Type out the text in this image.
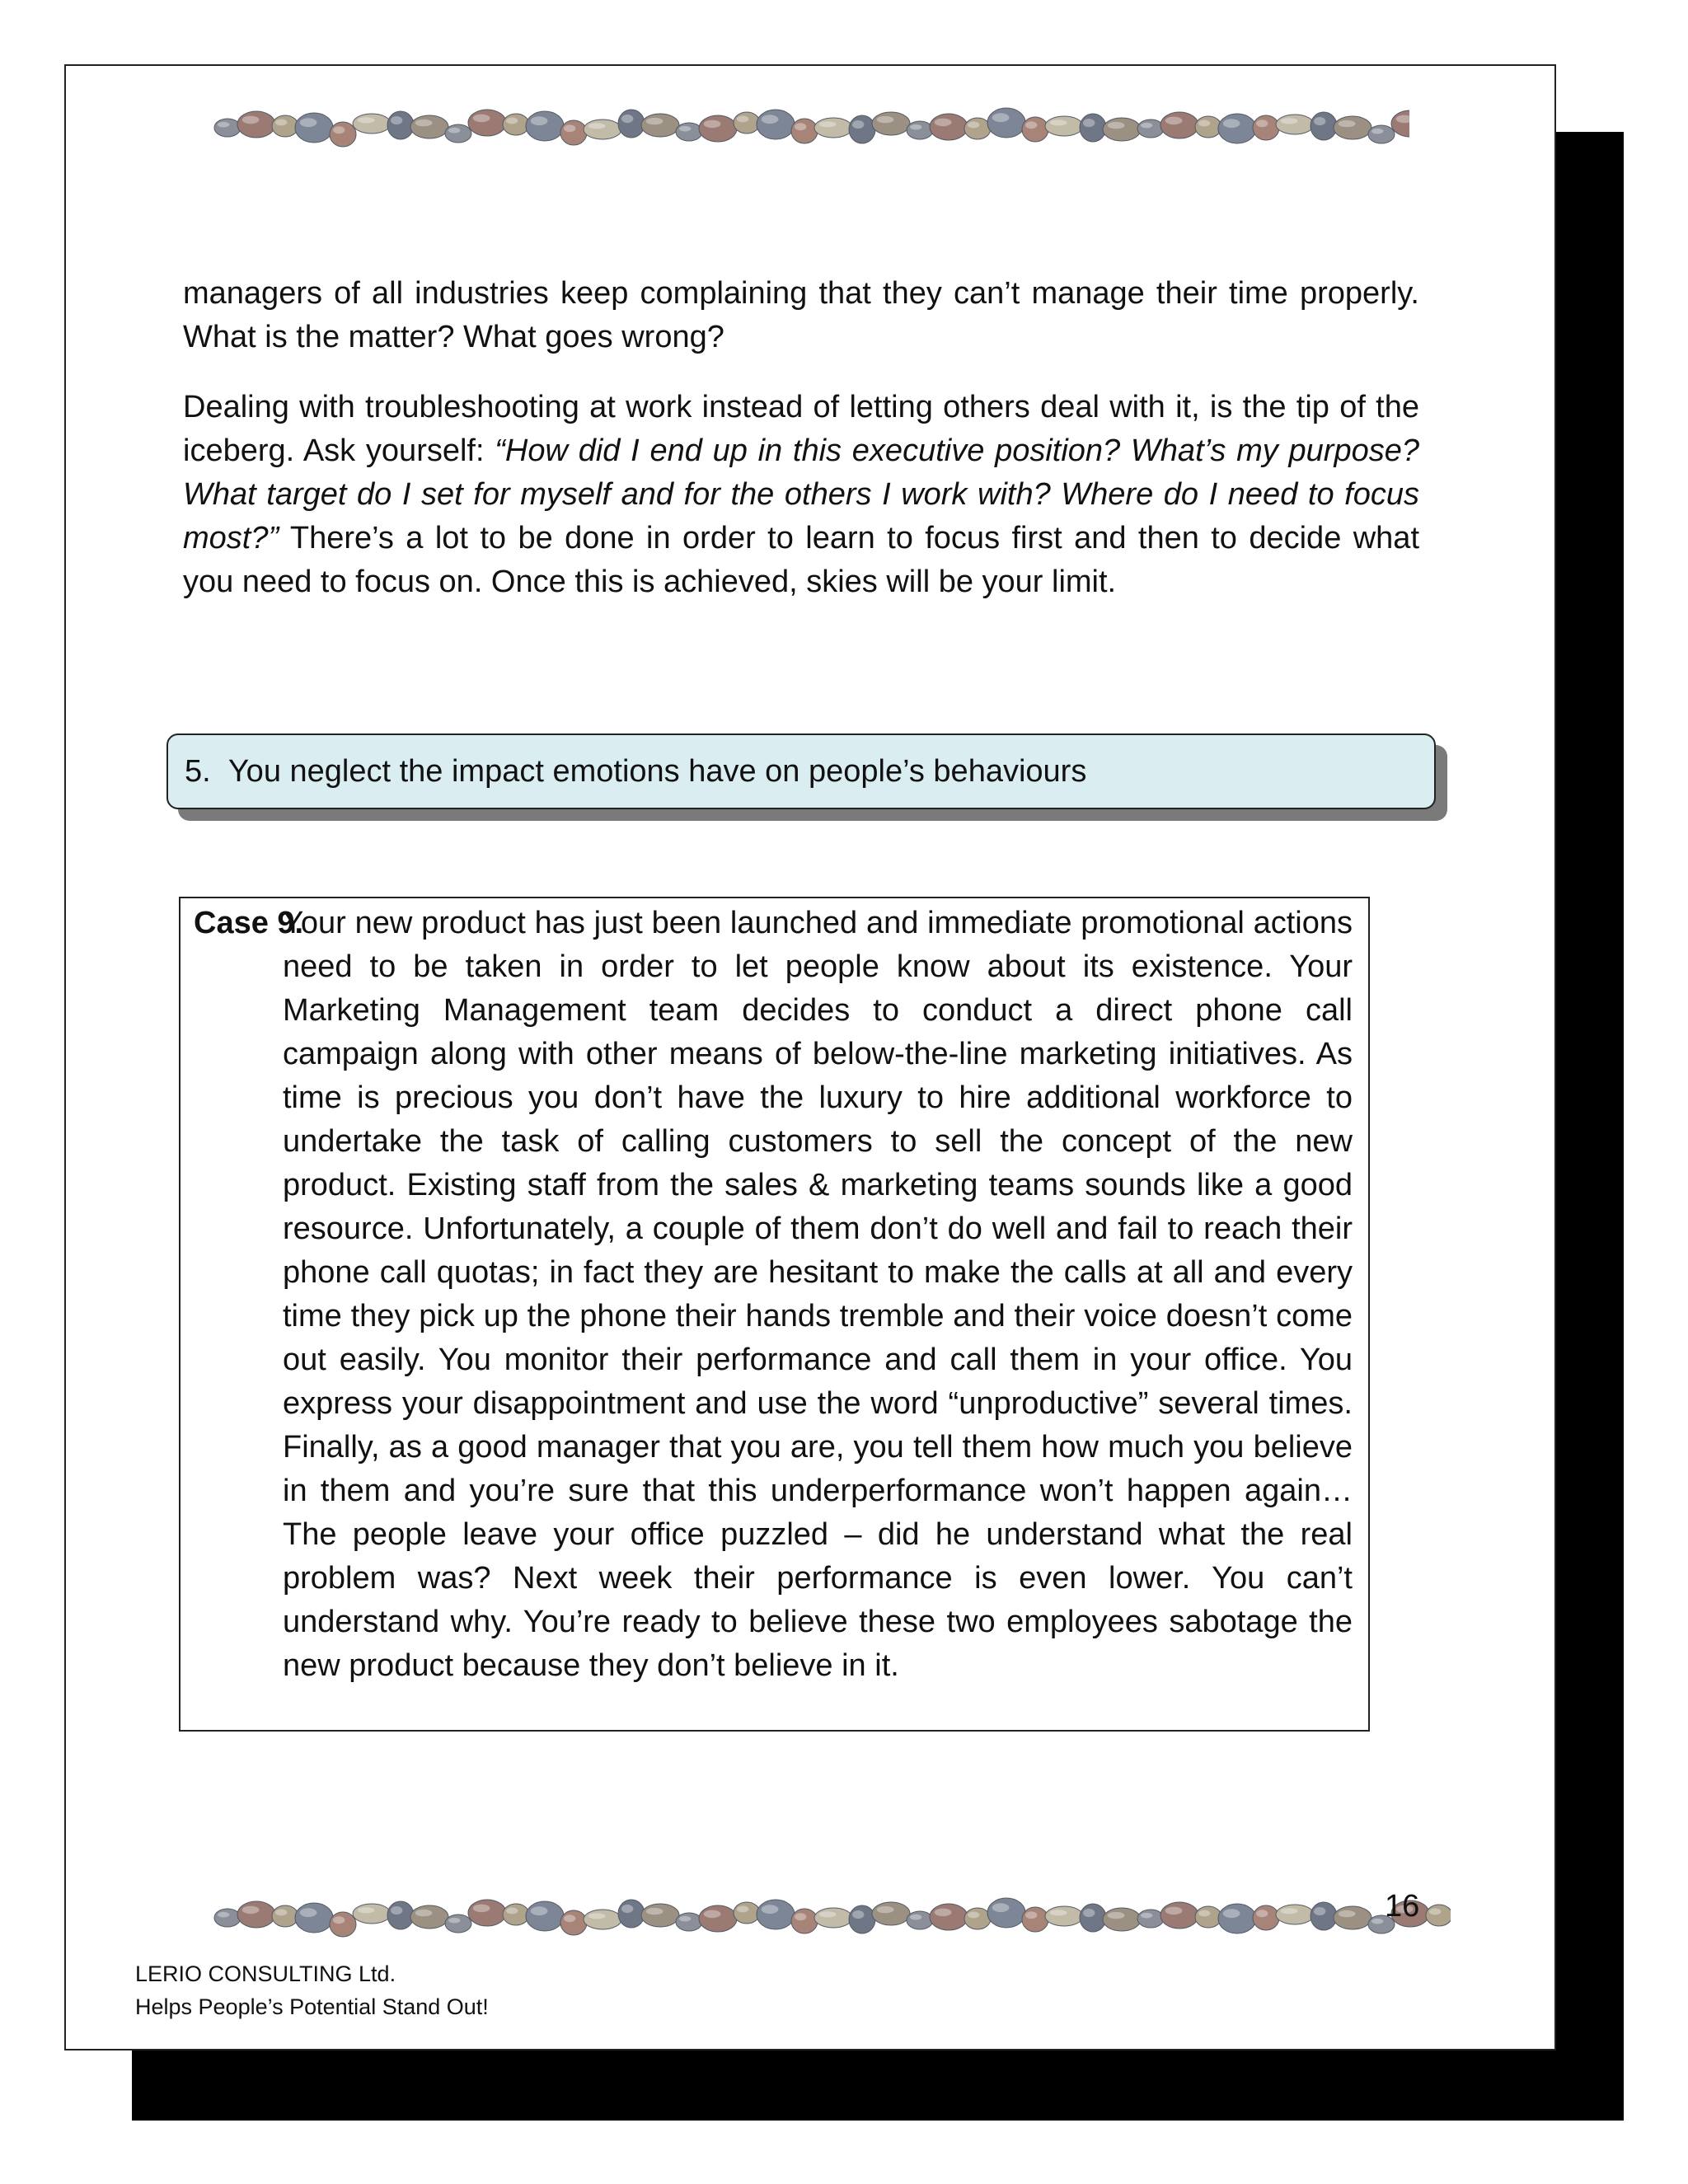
managers of all industries keep complaining that they can’t manage their time properly. What is the matter? What goes wrong?

Dealing with troubleshooting at work instead of letting others deal with it, is the tip of the iceberg. Ask yourself: “How did I end up in this executive position? What’s my purpose? What target do I set for myself and for the others I work with? Where do I need to focus most?” There’s a lot to be done in order to learn to focus first and then to decide what you need to focus on. Once this is achieved, skies will be your limit.

5. You neglect the impact emotions have on people’s behaviours
Case 9.
Your new product has just been launched and immediate promotional actions need to be taken in order to let people know about its existence. Your Marketing Management team decides to conduct a direct phone call campaign along with other means of below-the-line marketing initiatives. As time is precious you don’t have the luxury to hire additional workforce to undertake the task of calling customers to sell the concept of the new product. Existing staff from the sales & marketing teams sounds like a good resource. Unfortunately, a couple of them don’t do well and fail to reach their phone call quotas; in fact they are hesitant to make the calls at all and every time they pick up the phone their hands tremble and their voice doesn’t come out easily. You monitor their performance and call them in your office. You express your disappointment and use the word “unproductive” several times. Finally, as a good manager that you are, you tell them how much you believe in them and you’re sure that this underperformance won’t happen again… The people leave your office puzzled – did he understand what the real problem was? Next week their performance is even lower. You can’t understand why. You’re ready to believe these two employees sabotage the new product because they don’t believe in it.
16
LERIO CONSULTING Ltd.
Helps People’s Potential Stand Out!
